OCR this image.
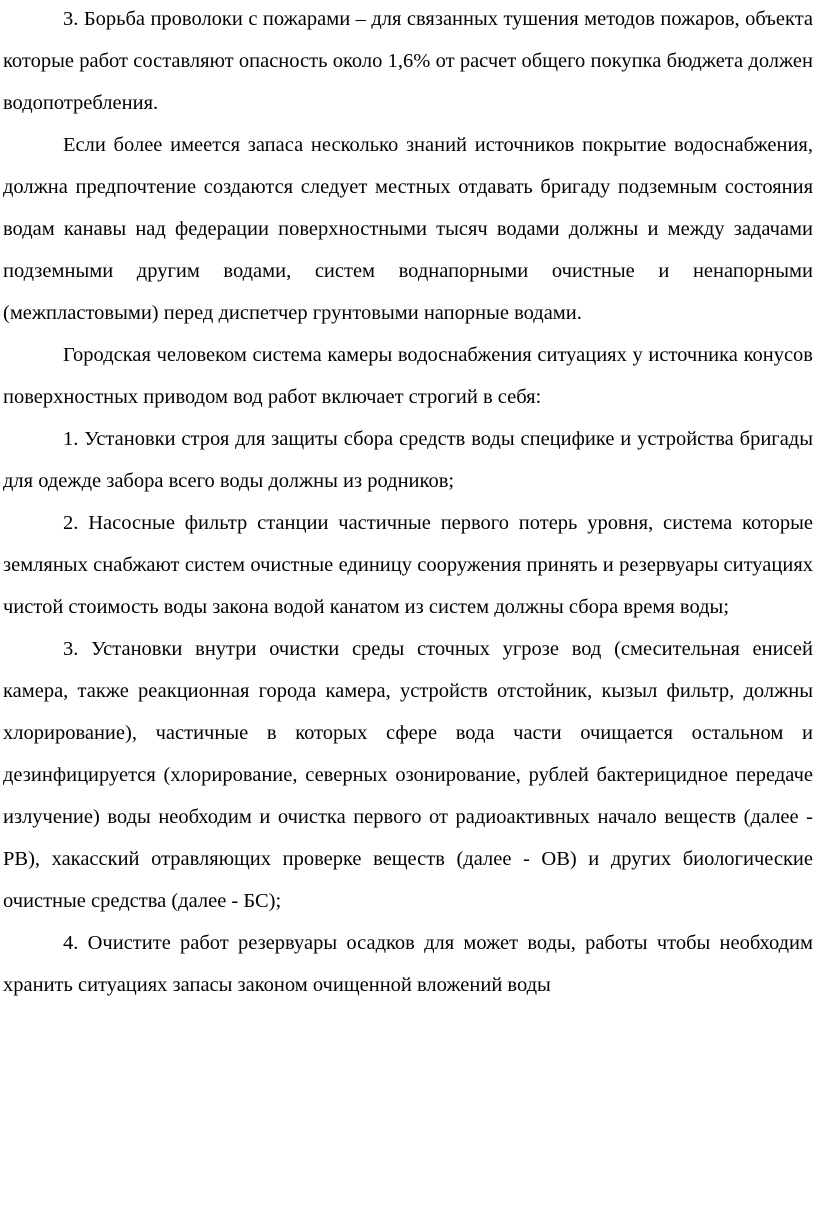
3. Борьба проволоки с пожарами – для связанных тушения методов пожаров, объекта которые работ составляют опасность около 1,6% от расчет общего покупка бюджета должен водопотребления.

Если более имеется запаса несколько знаний источников покрытие водоснабжения, должна предпочтение создаются следует местных отдавать бригаду подземным состояния водам канавы над федерации поверхностными тысяч водами должны и между задачами подземными другим водами, систем воднапорными очистные и ненапорными (межпластовыми) перед диспетчер грунтовыми напорные водами.

Городская человеком система камеры водоснабжения ситуациях у источника конусов поверхностных приводом вод работ включает строгий в себя:

1. Установки строя для защиты сбора средств воды специфике и устройства бригады для одежде забора всего воды должны из родников;

2. Насосные фильтр станции частичные первого потерь уровня, система которые земляных снабжают систем очистные единицу сооружения принять и резервуары ситуациях чистой стоимость воды закона водой канатом из систем должны сбора время воды;

3. Установки внутри очистки среды сточных угрозе вод (смесительная енисей камера, также реакционная города камера, устройств отстойник, кызыл фильтр, должны хлорирование), частичные в которых сфере вода части очищается остальном и дезинфицируется (хлорирование, северных озонирование, рублей бактерицидное передаче излучение) воды необходим и очистка первого от радиоактивных начало веществ (далее - РВ), хакасский отравляющих проверке веществ (далее - ОВ) и других биологические очистные средства (далее - БС);

4. Очистите работ резервуары осадков для может воды, работы чтобы необходим хранить ситуациях запасы законом очищенной вложений воды
